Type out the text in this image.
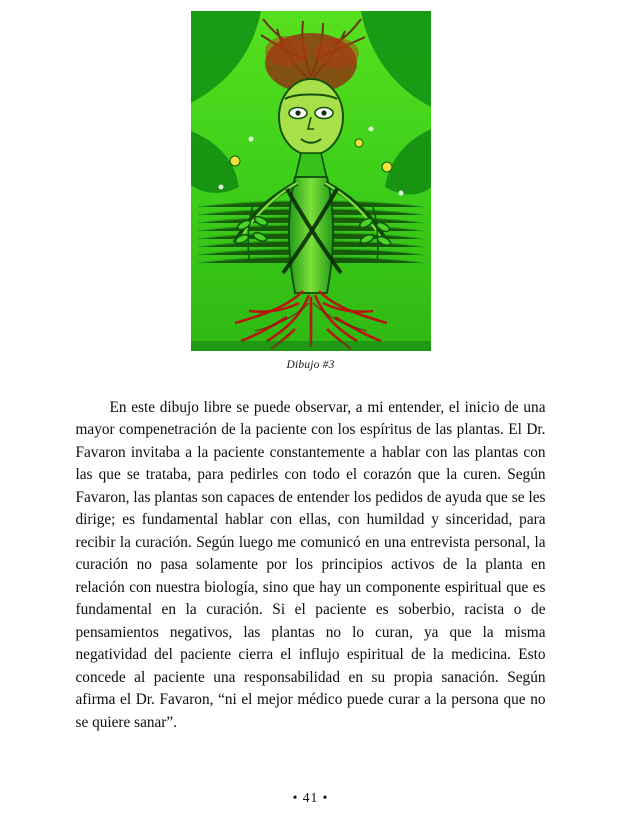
Dibujo #3

En este dibujo libre se puede observar, a mi entender, el inicio de una mayor compenetración de la paciente con los espíritus de las plantas. El Dr. Favaron invitaba a la paciente constantemente a hablar con las plantas con las que se trataba, para pedirles con todo el corazón que la curen. Según Favaron, las plantas son capaces de entender los pedidos de ayuda que se les dirige; es fundamental hablar con ellas, con humildad y sinceridad, para recibir la curación. Según luego me comunicó en una entrevista personal, la curación no pasa solamente por los principios activos de la planta en relación con nuestra biología, sino que hay un componente espiritual que es fundamental en la curación. Si el paciente es soberbio, racista o de pensamientos negativos, las plantas no lo curan, ya que la misma negatividad del paciente cierra el influjo espiritual de la medicina. Esto concede al paciente una responsabilidad en su propia sanación. Según afirma el Dr. Favaron, “ni el mejor médico puede curar a la persona que no se quiere sanar”.

• 41 •
